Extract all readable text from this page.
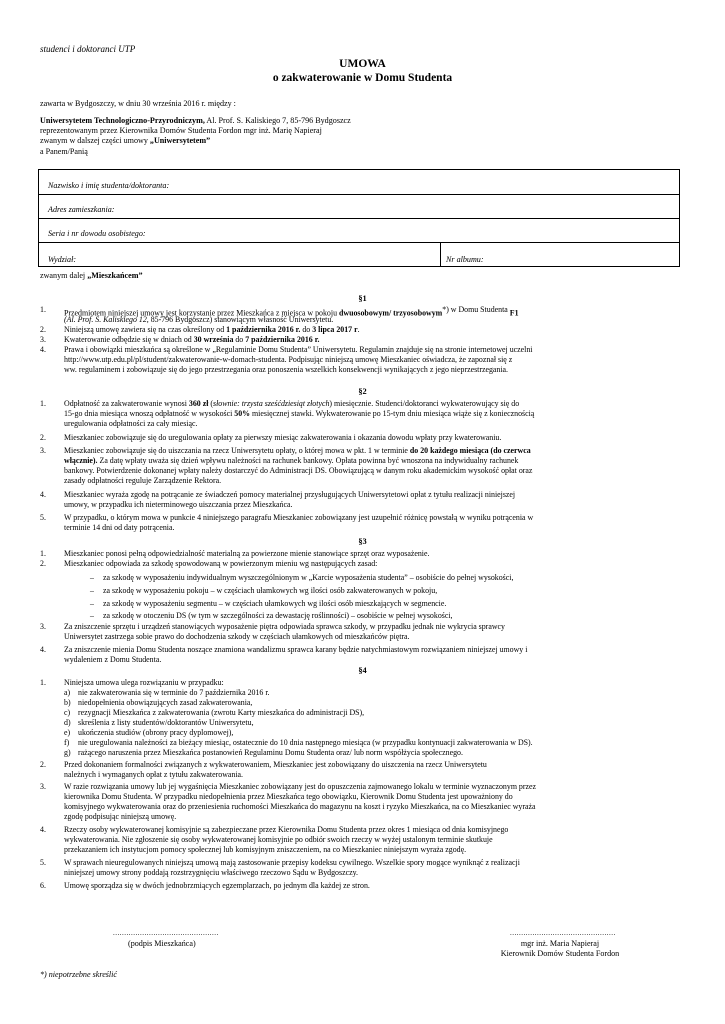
studenci i doktoranci UTP

UMOWA

o zakwaterowanie w Domu Studenta

zawarta w Bydgoszczy, w dniu 30 września 2016 r. między :

Uniwersytetem Technologiczno-Przyrodniczym, Al. Prof. S. Kaliskiego 7, 85-796 Bydgoszcz

reprezentowanym przez Kierownika Domów Studenta Fordon mgr inż. Marię Napieraj

zwanym w dalszej części umowy „Uniwersytetem”

a Panem/Panią

Nazwisko i imię studenta/doktoranta:
Adres zamieszkania:
Seria i nr dowodu osobistego:
Wydział:	Nr albumu:

zwanym dalej „Mieszkańcem”

§1

1.	Przedmiotem niniejszej umowy jest korzystanie przez Mieszkańca z miejsca w pokoju dwuosobowym/ trzyosobowym$^{*) w Domu Studenta}$ F1
(Al. Prof. S. Kaliskiego 12, 85-796 Bydgoszcz) stanowiącym własność Uniwersytetu.
2.	Niniejszą umowę zawiera się na czas określony od 1 października 2016 r. do 3 lipca 2017 r.
3.	Kwaterowanie odbędzie się w dniach od 30 września do 7 października 2016 r.
4.	Prawa i obowiązki mieszkańca są określone w „Regulaminie Domu Studenta” Uniwersytetu. Regulamin znajduje się na stronie internetowej uczelni
http://www.utp.edu.pl/pl/student/zakwaterowanie-w-domach-studenta. Podpisując niniejszą umowę Mieszkaniec oświadcza, że zapoznał się z
ww. regulaminem i zobowiązuje się do jego przestrzegania oraz ponoszenia wszelkich konsekwencji wynikających z jego nieprzestrzegania.

§2

1.	Odpłatność za zakwaterowanie wynosi 360 zł (słownie: trzysta sześćdziesiąt złotych) miesięcznie. Studenci/doktoranci wykwaterowujący się do
15-go dnia miesiąca wnoszą odpłatność w wysokości 50% miesięcznej stawki. Wykwaterowanie po 15-tym dniu miesiąca wiąże się z koniecznością
uregulowania odpłatności za cały miesiąc.
2.	Mieszkaniec zobowiązuje się do uregulowania opłaty za pierwszy miesiąc zakwaterowania i okazania dowodu wpłaty przy kwaterowaniu.
3.	Mieszkaniec zobowiązuje się do uiszczania na rzecz Uniwersytetu opłaty, o której mowa w pkt. 1 w terminie do 20 każdego miesiąca (do czerwca
włącznie). Za datę wpłaty uważa się dzień wpływu należności na rachunek bankowy. Opłata powinna być wnoszona na indywidualny rachunek
bankowy. Potwierdzenie dokonanej wpłaty należy dostarczyć do Administracji DS. Obowiązującą w danym roku akademickim wysokość opłat oraz
zasady odpłatności reguluje Zarządzenie Rektora.
4.	Mieszkaniec wyraża zgodę na potrącanie ze świadczeń pomocy materialnej przysługujących Uniwersytetowi opłat z tytułu realizacji niniejszej
umowy, w przypadku ich nieterminowego uiszczania przez Mieszkańca.
5.	W przypadku, o którym mowa w punkcie 4 niniejszego paragrafu Mieszkaniec zobowiązany jest uzupełnić różnicę powstałą w wyniku potrącenia w
terminie 14 dni od daty potrącenia.

§3

1.	Mieszkaniec ponosi pełną odpowiedzialność materialną za powierzone mienie stanowiące sprzęt oraz wyposażenie.
2.	Mieszkaniec odpowiada za szkodę spowodowaną w powierzonym mieniu wg następujących zasad:
– za szkodę w wyposażeniu indywidualnym wyszczególnionym w „Karcie wyposażenia studenta” – osobiście do pełnej wysokości,
– za szkodę w wyposażeniu pokoju – w częściach ułamkowych wg ilości osób zakwaterowanych w pokoju,
– za szkodę w wyposażeniu segmentu – w częściach ułamkowych wg ilości osób mieszkających w segmencie.
– za szkodę w otoczeniu DS (w tym w szczególności za dewastację roślinności) – osobiście w pełnej wysokości,
3.	Za zniszczenie sprzętu i urządzeń stanowiących wyposażenie piętra odpowiada sprawca szkody, w przypadku jednak nie wykrycia sprawcy
Uniwersytet zastrzega sobie prawo do dochodzenia szkody w częściach ułamkowych od mieszkańców piętra.
4.	Za zniszczenie mienia Domu Studenta noszące znamiona wandalizmu sprawca karany będzie natychmiastowym rozwiązaniem niniejszej umowy i
wydaleniem z Domu Studenta.

§4

1.	Niniejsza umowa ulega rozwiązaniu w przypadku:
a) nie zakwaterowania się w terminie do 7 października 2016 r.
b) niedopełnienia obowiązujących zasad zakwaterowania,
c) rezygnacji Mieszkańca z zakwaterowania (zwrotu Karty mieszkańca do administracji DS),
d) skreślenia z listy studentów/doktorantów Uniwersytetu,
e) ukończenia studiów (obrony pracy dyplomowej),
f)	nie uregulowania należności za bieżący miesiąc, ostatecznie do 10 dnia następnego miesiąca (w przypadku kontynuacji zakwaterowania w DS).
g) rażącego naruszenia przez Mieszkańca postanowień Regulaminu Domu Studenta oraz/ lub norm współżycia społecznego.
2.	Przed dokonaniem formalności związanych z wykwaterowaniem, Mieszkaniec jest zobowiązany do uiszczenia na rzecz Uniwersytetu
należnych i wymaganych opłat z tytułu zakwaterowania.
3.	W razie rozwiązania umowy lub jej wygaśnięcia Mieszkaniec zobowiązany jest do opuszczenia zajmowanego lokalu w terminie wyznaczonym przez
kierownika Domu Studenta. W przypadku niedopełnienia przez Mieszkańca tego obowiązku, Kierownik Domu Studenta jest upoważniony do
komisyjnego wykwaterowania oraz do przeniesienia ruchomości Mieszkańca do magazynu na koszt i ryzyko Mieszkańca, na co Mieszkaniec wyraża
zgodę podpisując niniejszą umowę.
4.	Rzeczy osoby wykwaterowanej komisyjnie są zabezpieczane przez Kierownika Domu Studenta przez okres 1 miesiąca od dnia komisyjnego
wykwaterowania. Nie zgłoszenie się osoby wykwaterowanej komisyjnie po odbiór swoich rzeczy w wyżej ustalonym terminie skutkuje
przekazaniem ich instytucjom pomocy społecznej lub komisyjnym zniszczeniem, na co Mieszkaniec niniejszym wyraża zgodę.
5.	W sprawach nieuregulowanych niniejszą umową mają zastosowanie przepisy kodeksu cywilnego. Wszelkie spory mogące wyniknąć z realizacji
niniejszej umowy strony poddają rozstrzygnięciu właściwego rzeczowo Sądu w Bydgoszczy.
6.	Umowę sporządza się w dwóch jednobrzmiących egzemplarzach, po jednym dla każdej ze stron.

...............................................

(podpis Mieszkańca)

...............................................

mgr inż. Maria Napieraj

Kierownik Domów Studenta Fordon

*) niepotrzebne skreślić
